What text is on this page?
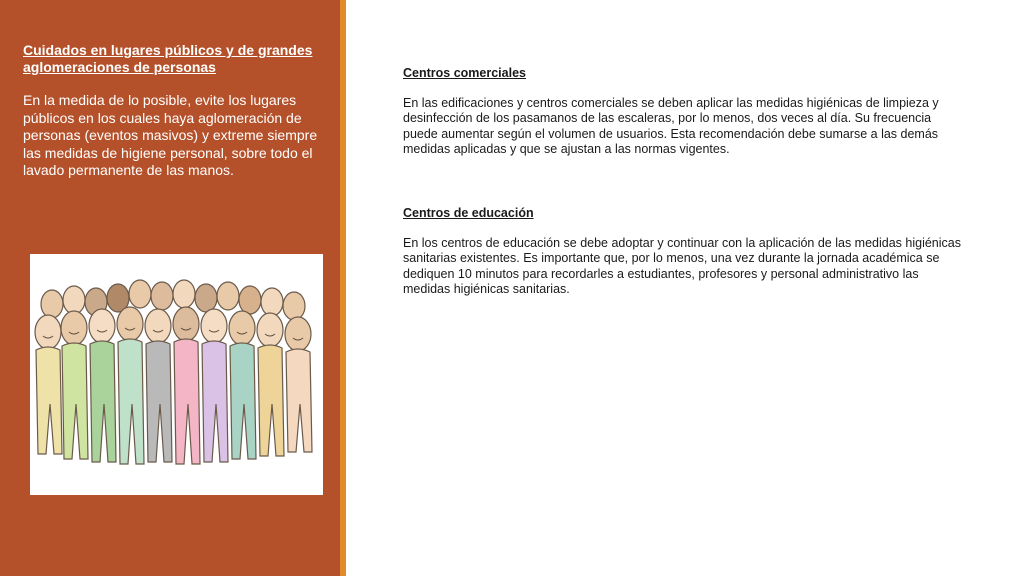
Cuidados en lugares públicos y de grandes aglomeraciones de personas
En la medida de lo posible, evite los lugares públicos en los cuales haya aglomeración de personas (eventos masivos) y extreme siempre las medidas de higiene personal, sobre todo el lavado permanente de las manos.

Centros comerciales

En las edificaciones y centros comerciales se deben aplicar las medidas higiénicas de limpieza y desinfección de los pasamanos de las escaleras, por lo menos, dos veces al día. Su frecuencia puede aumentar según el volumen de usuarios. Esta recomendación debe sumarse a las demás medidas aplicadas y que se ajustan a las normas vigentes.

Centros de educación

En los centros de educación se debe adoptar y continuar con la aplicación de las medidas higiénicas sanitarias existentes. Es importante que, por lo menos, una vez durante la jornada académica se dediquen 10 minutos para recordarles a estudiantes, profesores y personal administrativo las medidas higiénicas sanitarias.
